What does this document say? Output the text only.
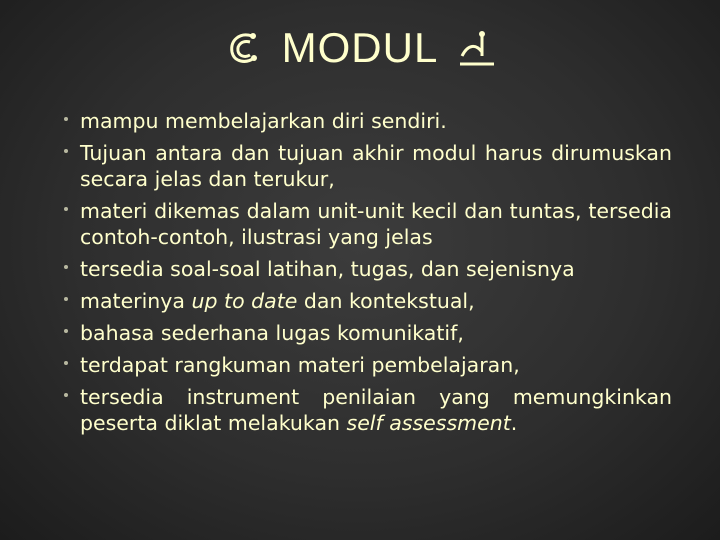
MODUL
mampu membelajarkan diri sendiri.
Tujuan antara dan tujuan akhir modul harus dirumuskan secara jelas dan terukur,
materi dikemas dalam unit-unit kecil dan tuntas, tersedia contoh-contoh, ilustrasi yang jelas
tersedia soal-soal latihan, tugas, dan sejenisnya
materinya up to date dan kontekstual,
bahasa sederhana lugas komunikatif,
terdapat rangkuman materi pembelajaran,
tersedia instrument penilaian yang memungkinkan peserta diklat melakukan self assessment.
